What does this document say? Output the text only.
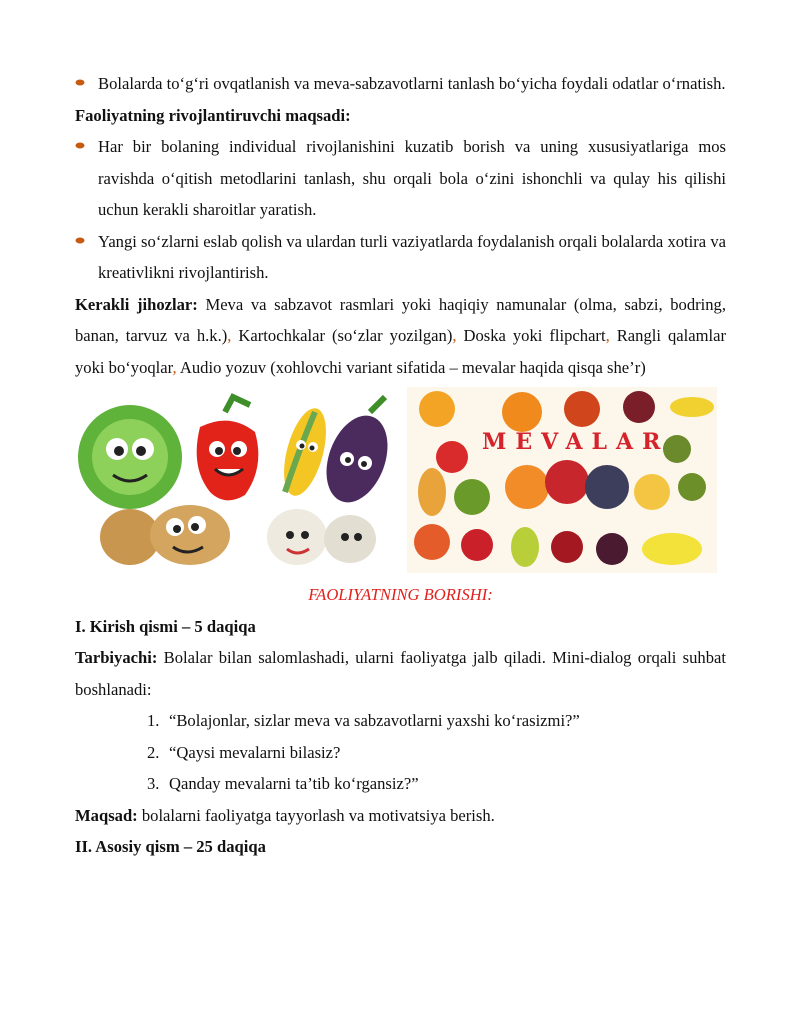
Bolalarda to‘g‘ri ovqatlanish va meva-sabzavotlarni tanlash bo‘yicha foydali odatlar o‘rnatish.

Faoliyatning rivojlantiruvchi maqsadi:

Har bir bolaning individual rivojlanishini kuzatib borish va uning xususiyatlariga mos ravishda o‘qitish metodlarini tanlash, shu orqali bola o‘zini ishonchli va qulay his qilishi uchun kerakli sharoitlar yaratish.
Yangi so‘zlarni eslab qolish va ulardan turli vaziyatlarda foydalanish orqali bolalarda xotira va kreativlikni rivojlantirish.

Kerakli jihozlar: Meva va sabzavot rasmlari yoki haqiqiy namunalar (olma, sabzi, bodring, banan, tarvuz va h.k.), Kartochkalar (so‘zlar yozilgan), Doska yoki flipchart, Rangli qalamlar yoki bo‘yoqlar, Audio yozuv (xohlovchi variant sifatida – mevalar haqida qisqa she’r)

MEVALAR

FAOLIYATNING BORISHI:

I. Kirish qismi – 5 daqiqa

Tarbiyachi: Bolalar bilan salomlashadi, ularni faoliyatga jalb qiladi. Mini-dialog orqali suhbat boshlanadi:

1. “Bolajonlar, sizlar meva va sabzavotlarni yaxshi ko‘rasizmi?”
2. “Qaysi mevalarni bilasiz?
3. Qanday mevalarni ta’tib ko‘rgansiz?”

Maqsad: bolalarni faoliyatga tayyorlash va motivatsiya berish.

II. Asosiy qism – 25 daqiqa
